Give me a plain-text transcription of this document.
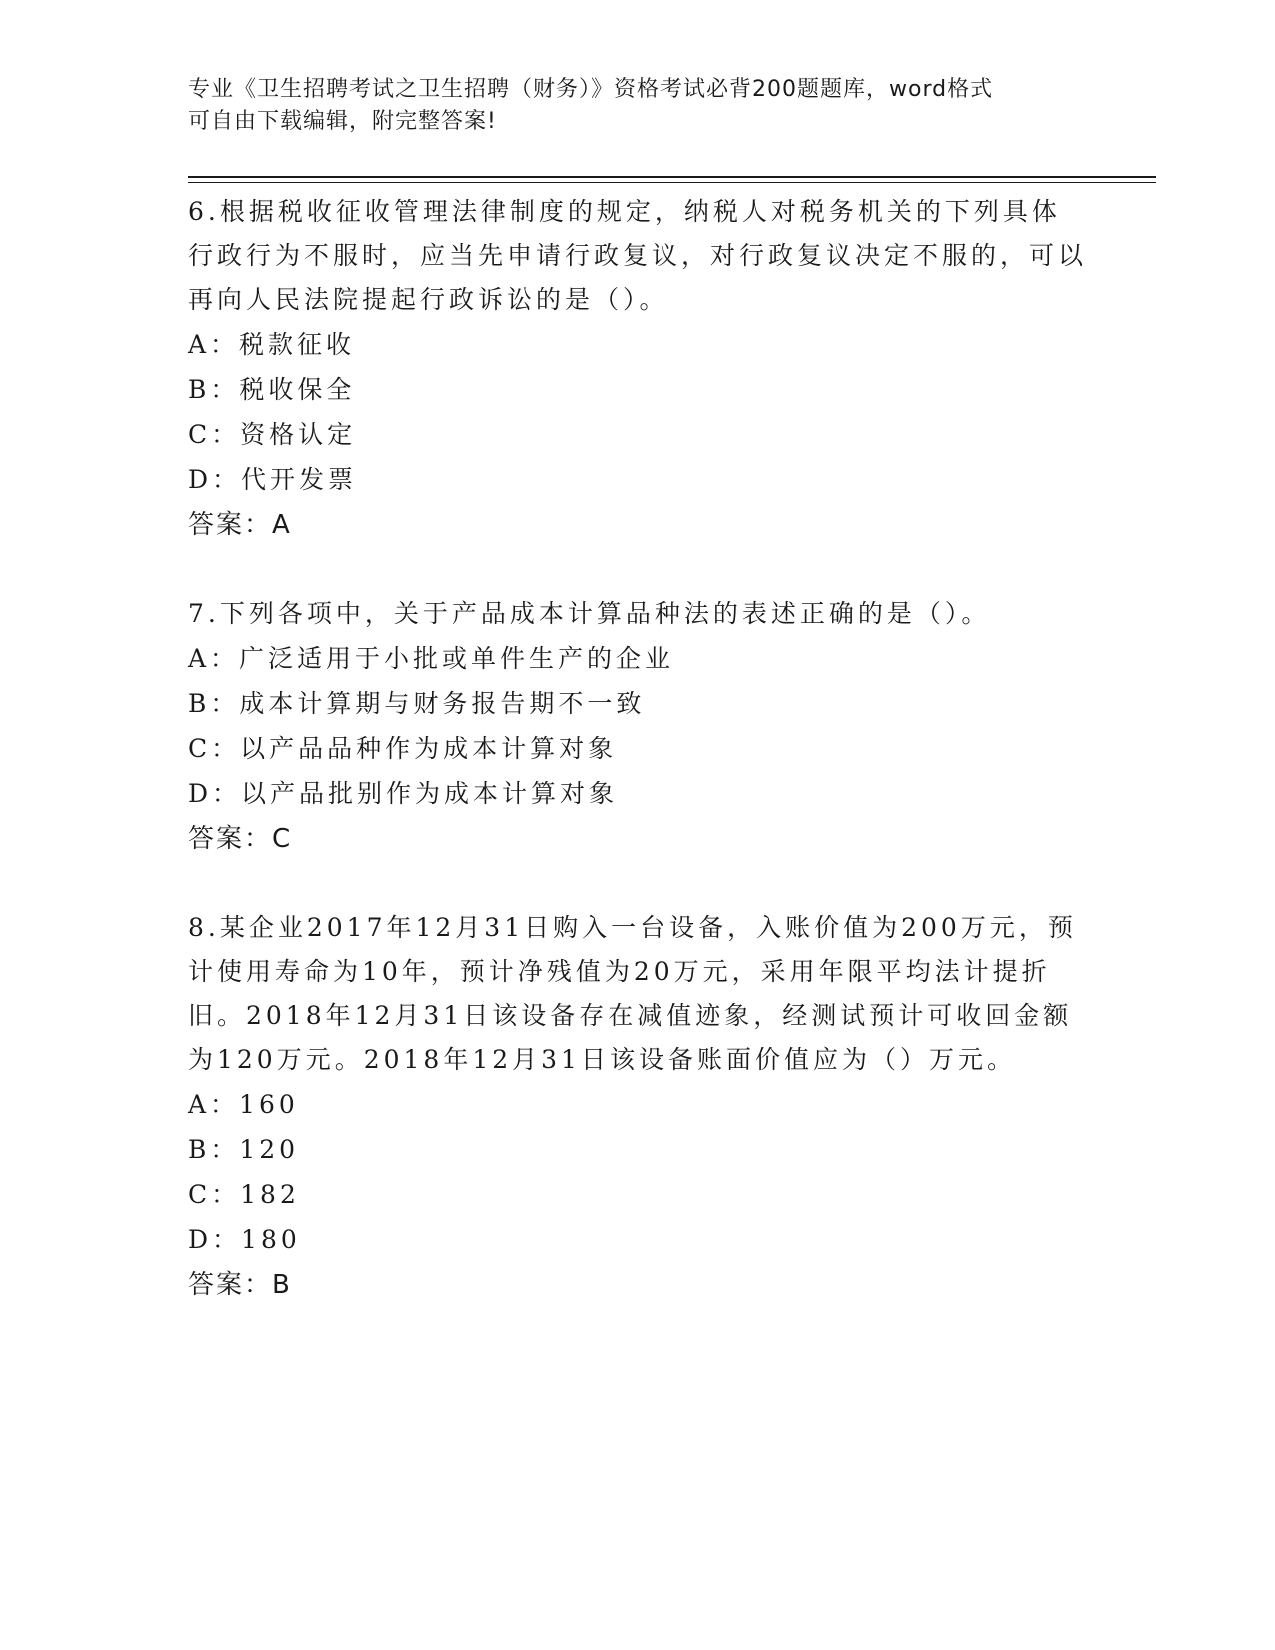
专业《卫生招聘考试之卫生招聘（财务）》资格考试必背200题题库，word格式
可自由下载编辑，附完整答案!

6.根据税收征收管理法律制度的规定，纳税人对税务机关的下列具体行政行为不服时，应当先申请行政复议，对行政复议决定不服的，可以再向人民法院提起行政诉讼的是（）。

A：税款征收

B：税收保全

C：资格认定

D：代开发票

答案：A

7.下列各项中，关于产品成本计算品种法的表述正确的是（）。

A：广泛适用于小批或单件生产的企业

B：成本计算期与财务报告期不一致

C：以产品品种作为成本计算对象

D：以产品批别作为成本计算对象

答案：C

8.某企业2017年12月31日购入一台设备，入账价值为200万元，预计使用寿命为10年，预计净残值为20万元，采用年限平均法计提折旧。2018年12月31日该设备存在减值迹象，经测试预计可收回金额为120万元。2018年12月31日该设备账面价值应为（）万元。

A：160

B：120

C：182

D：180

答案：B
